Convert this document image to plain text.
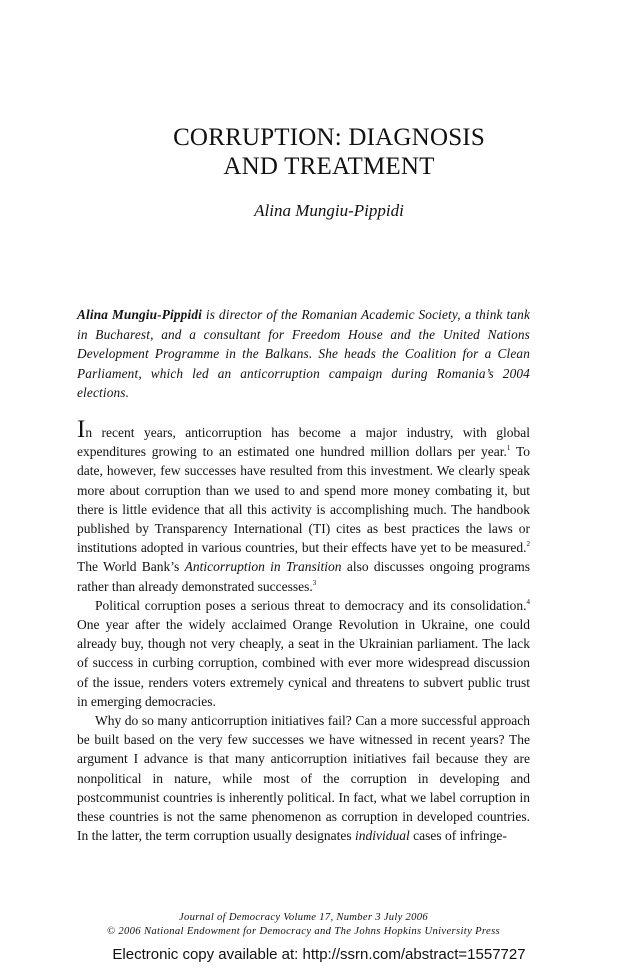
CORRUPTION: DIAGNOSIS
AND TREATMENT
Alina Mungiu-Pippidi
Alina Mungiu-Pippidi is director of the Romanian Academic Society, a think tank in Bucharest, and a consultant for Freedom House and the United Nations Development Programme in the Balkans. She heads the Coalition for a Clean Parliament, which led an anticorruption campaign during Romania’s 2004 elections.

In recent years, anticorruption has become a major industry, with global expenditures growing to an estimated one hundred million dollars per year.$^1$ To date, however, few successes have resulted from this investment. We clearly speak more about corruption than we used to and spend more money combating it, but there is little evidence that all this activity is accomplishing much. The handbook published by Transparency International (TI) cites as best practices the laws or institutions adopted in various countries, but their effects have yet to be measured.$^2$ The World Bank’s Anticorruption in Transition also discusses ongoing programs rather than already demonstrated successes.$^3$

Political corruption poses a serious threat to democracy and its consolidation.$^4$ One year after the widely acclaimed Orange Revolution in Ukraine, one could already buy, though not very cheaply, a seat in the Ukrainian parliament. The lack of success in curbing corruption, combined with ever more widespread discussion of the issue, renders voters extremely cynical and threatens to subvert public trust in emerging democracies.

Why do so many anticorruption initiatives fail? Can a more successful approach be built based on the very few successes we have witnessed in recent years? The argument I advance is that many anticorruption initiatives fail because they are nonpolitical in nature, while most of the corruption in developing and postcommunist countries is inherently political. In fact, what we label corruption in these countries is not the same phenomenon as corruption in developed countries. In the latter, the term corruption usually designates individual cases of infringe-

Journal of Democracy Volume 17, Number 3 July 2006
© 2006 National Endowment for Democracy and The Johns Hopkins University Press
Electronic copy available at: http://ssrn.com/abstract=1557727
